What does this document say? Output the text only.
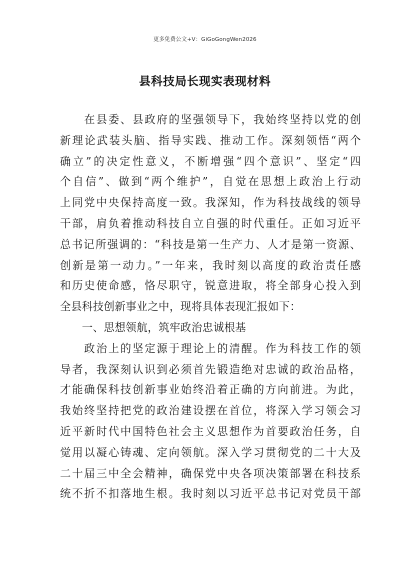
更多免费公文+V：GiGoGongWen2026
县科技局长现实表现材料
　　在县委、县政府的坚强领导下，我始终坚持以党的创
新理论武装头脑、指导实践、推动工作。深刻领悟“两个
确立”的决定性意义，不断增强“四个意识”、坚定“四
个自信”、做到“两个维护”，自觉在思想上政治上行动
上同党中央保持高度一致。我深知，作为科技战线的领导
干部，肩负着推动科技自立自强的时代重任。正如习近平
总书记所强调的：“科技是第一生产力、人才是第一资源、
创新是第一动力。”一年来，我时刻以高度的政治责任感
和历史使命感，恪尽职守，锐意进取，将全部身心投入到
全县科技创新事业之中，现将具体表现汇报如下：
　　一、思想领航，筑牢政治忠诚根基
　　政治上的坚定源于理论上的清醒。作为科技工作的领
导者，我深刻认识到必须首先锻造绝对忠诚的政治品格，
才能确保科技创新事业始终沿着正确的方向前进。为此，
我始终坚持把党的政治建设摆在首位，将深入学习领会习
近平新时代中国特色社会主义思想作为首要政治任务，自
觉用以凝心铸魂、定向领航。深入学习贯彻党的二十大及
二十届三中全会精神，确保党中央各项决策部署在科技系
统不折不扣落地生根。我时刻以习近平总书记对党员干部
